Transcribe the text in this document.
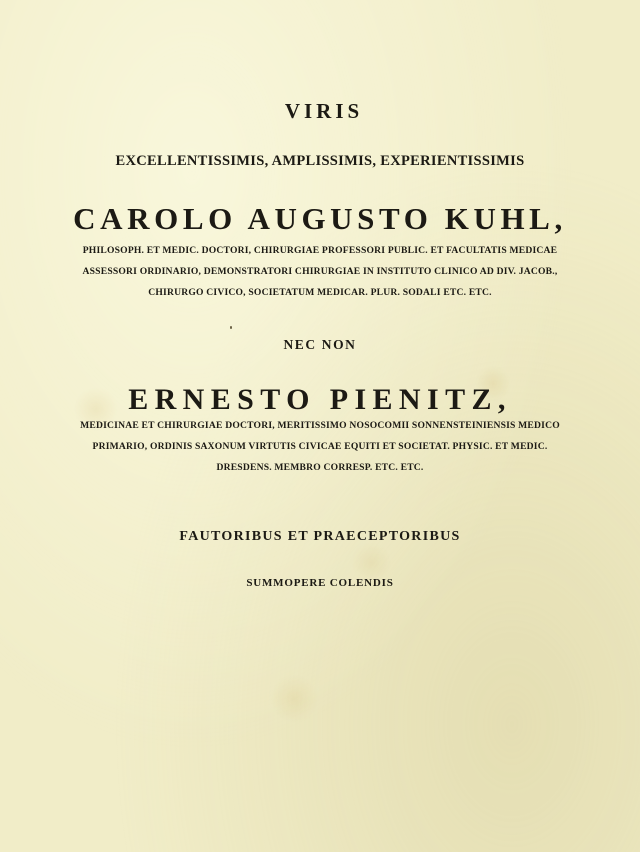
VIRIS
EXCELLENTISSIMIS, AMPLISSIMIS, EXPERIENTISSIMIS
CAROLO AUGUSTO KUHL,
PHILOSOPH. ET MEDIC. DOCTORI, CHIRURGIAE PROFESSORI PUBLIC. ET FACULTATIS MEDICAE
ASSESSORI ORDINARIO, DEMONSTRATORI CHIRURGIAE IN INSTITUTO CLINICO AD DIV. JACOB.,
CHIRURGO CIVICO, SOCIETATUM MEDICAR. PLUR. SODALI ETC. ETC.
NEC NON
ERNESTO PIENITZ,
MEDICINAE ET CHIRURGIAE DOCTORI, MERITISSIMO NOSOCOMII SONNENSTEINIENSIS MEDICO
PRIMARIO, ORDINIS SAXONUM VIRTUTIS CIVICAE EQUITI ET SOCIETAT. PHYSIC. ET MEDIC.
DRESDENS. MEMBRO CORRESP. ETC. ETC.
FAUTORIBUS ET PRAECEPTORIBUS
SUMMOPERE COLENDIS
